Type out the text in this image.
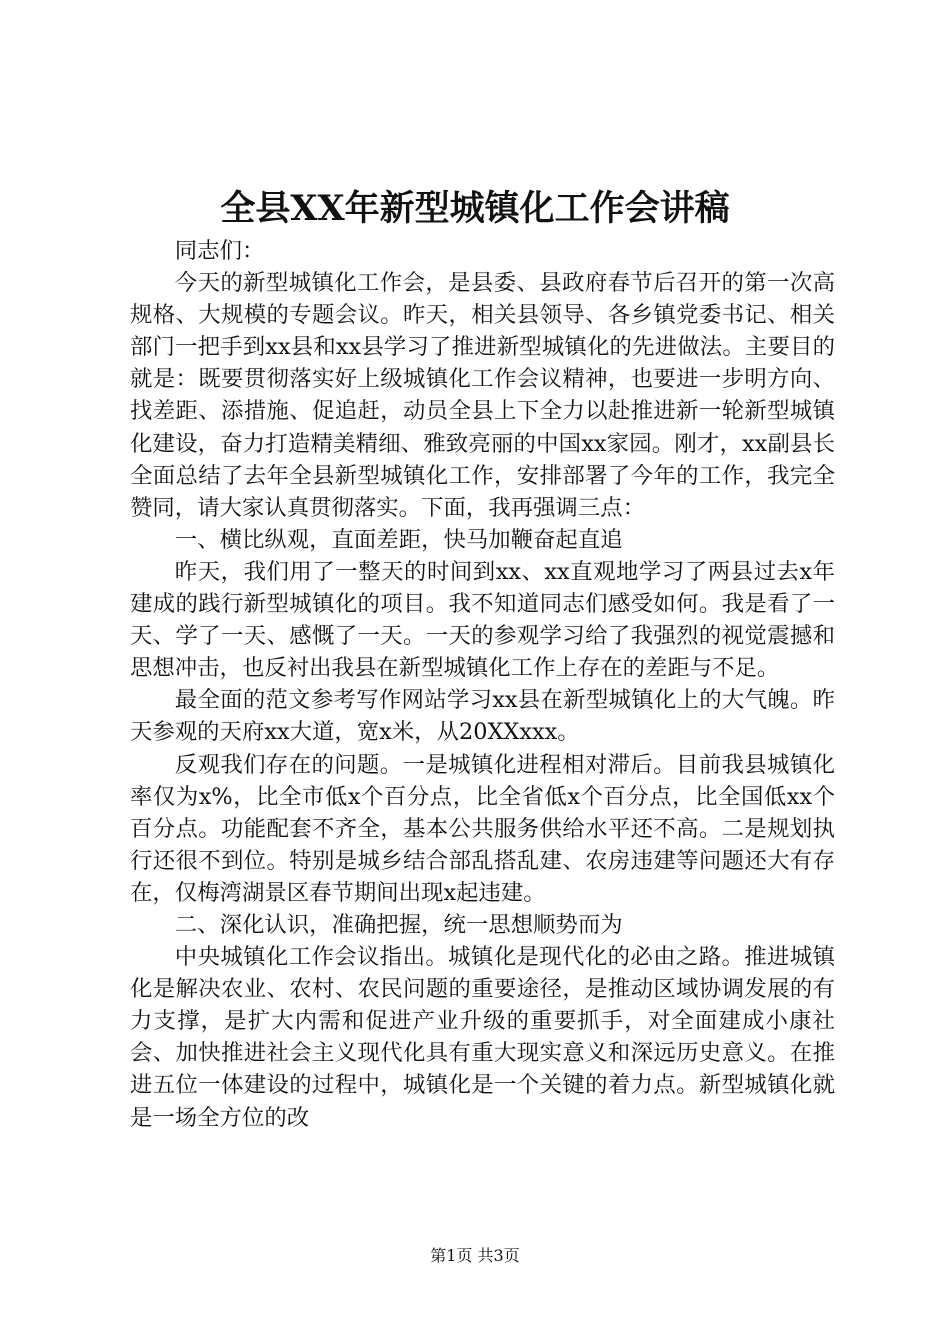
全县XX年新型城镇化工作会讲稿

同志们：

今天的新型城镇化工作会，是县委、县政府春节后召开的第一次高规格、大规模的专题会议。昨天，相关县领导、各乡镇党委书记、相关部门一把手到xx县和xx县学习了推进新型城镇化的先进做法。主要目的就是：既要贯彻落实好上级城镇化工作会议精神，也要进一步明方向、找差距、添措施、促追赶，动员全县上下全力以赴推进新一轮新型城镇化建设，奋力打造精美精细、雅致亮丽的中国xx家园。刚才，xx副县长全面总结了去年全县新型城镇化工作，安排部署了今年的工作，我完全赞同，请大家认真贯彻落实。下面，我再强调三点：

一、横比纵观，直面差距，快马加鞭奋起直追

昨天，我们用了一整天的时间到xx、xx直观地学习了两县过去x年建成的践行新型城镇化的项目。我不知道同志们感受如何。我是看了一天、学了一天、感慨了一天。一天的参观学习给了我强烈的视觉震撼和思想冲击，也反衬出我县在新型城镇化工作上存在的差距与不足。

最全面的范文参考写作网站学习xx县在新型城镇化上的大气魄。昨天参观的天府xx大道，宽x米，从20XXxxx。

反观我们存在的问题。一是城镇化进程相对滞后。目前我县城镇化率仅为x%，比全市低x个百分点，比全省低x个百分点，比全国低xx个百分点。功能配套不齐全，基本公共服务供给水平还不高。二是规划执行还很不到位。特别是城乡结合部乱搭乱建、农房违建等问题还大有存在，仅梅湾湖景区春节期间出现x起违建。

二、深化认识，准确把握，统一思想顺势而为

中央城镇化工作会议指出。城镇化是现代化的必由之路。推进城镇化是解决农业、农村、农民问题的重要途径，是推动区域协调发展的有力支撑，是扩大内需和促进产业升级的重要抓手，对全面建成小康社会、加快推进社会主义现代化具有重大现实意义和深远历史意义。在推进五位一体建设的过程中，城镇化是一个关键的着力点。新型城镇化就是一场全方位的改

第1页 共3页
